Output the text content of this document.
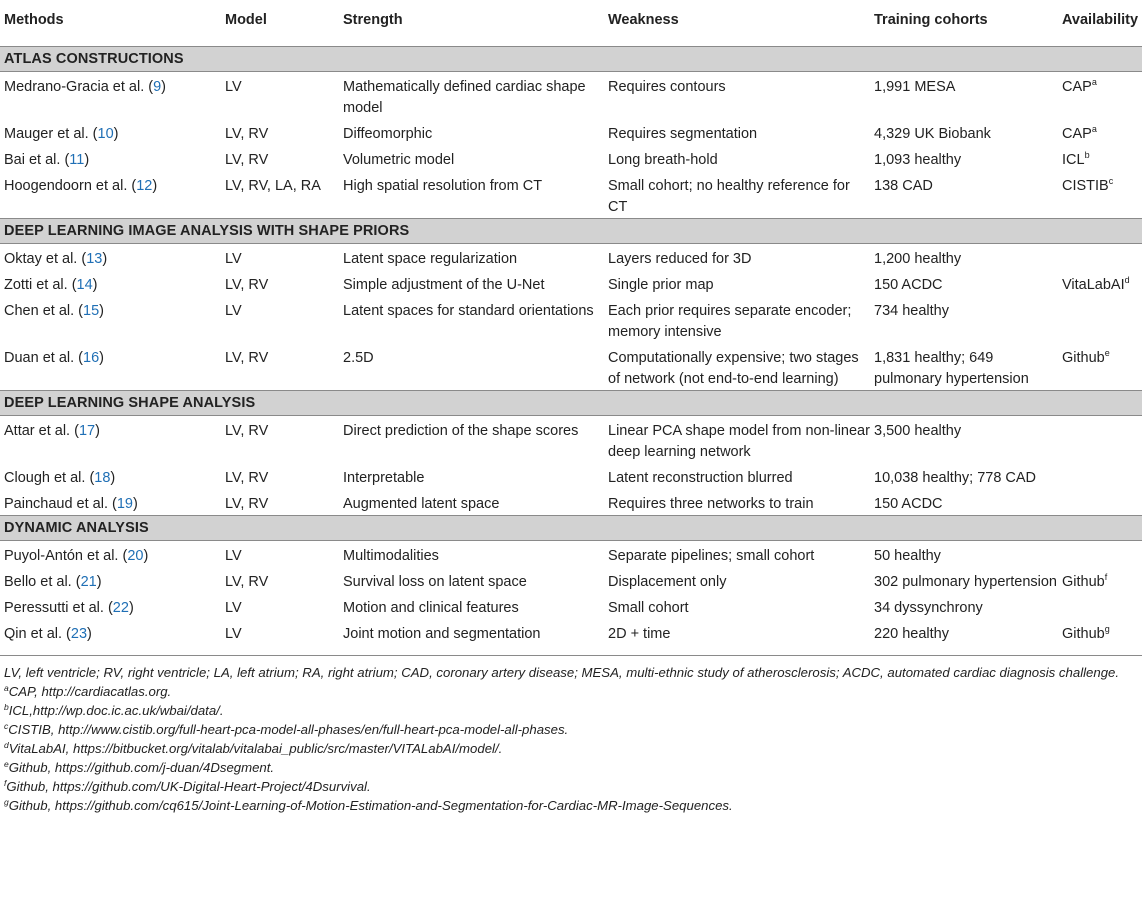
Methods	Model	Strength	Weakness	Training cohorts	Availability
ATLAS CONSTRUCTIONS					
Medrano-Gracia et al. (9)	LV	Mathematically defined cardiac shape model	Requires contours	1,991 MESA	CAP$^a$
Mauger et al. (10)	LV, RV	Diffeomorphic	Requires segmentation	4,329 UK Biobank	CAP$^a$
Bai et al. (11)	LV, RV	Volumetric model	Long breath-hold	1,093 healthy	ICL$^b$
Hoogendoorn et al. (12)	LV, RV, LA, RA	High spatial resolution from CT	Small cohort; no healthy reference for CT	138 CAD	CISTIB$^c$
DEEP LEARNING IMAGE ANALYSIS WITH SHAPE PRIORS					
Oktay et al. (13)	LV	Latent space regularization	Layers reduced for 3D	1,200 healthy	
Zotti et al. (14)	LV, RV	Simple adjustment of the U-Net	Single prior map	150 ACDC	VitaLabAI$^d$
Chen et al. (15)	LV	Latent spaces for standard orientations	Each prior requires separate encoder; memory intensive	734 healthy	
Duan et al. (16)	LV, RV	2.5D	Computationally expensive; two stages of network (not end-to-end learning)	1,831 healthy; 649 pulmonary hypertension	Github$^e$
DEEP LEARNING SHAPE ANALYSIS					
Attar et al. (17)	LV, RV	Direct prediction of the shape scores	Linear PCA shape model from non-linear deep learning network	3,500 healthy	
Clough et al. (18)	LV, RV	Interpretable	Latent reconstruction blurred	10,038 healthy; 778 CAD	
Painchaud et al. (19)	LV, RV	Augmented latent space	Requires three networks to train	150 ACDC	
DYNAMIC ANALYSIS					
Puyol-Antón et al. (20)	LV	Multimodalities	Separate pipelines; small cohort	50 healthy	
Bello et al. (21)	LV, RV	Survival loss on latent space	Displacement only	302 pulmonary hypertension	Github$^f$
Peressutti et al. (22)	LV	Motion and clinical features	Small cohort	34 dyssynchrony	
Qin et al. (23)	LV	Joint motion and segmentation	2D + time	220 healthy	Github$^g$
LV, left ventricle; RV, right ventricle; LA, left atrium; RA, right atrium; CAD, coronary artery disease; MESA, multi-ethnic study of atherosclerosis; ACDC, automated cardiac diagnosis challenge.
$^a$CAP, http://cardiacatlas.org.
$^b$ICL,http://wp.doc.ic.ac.uk/wbai/data/.
$^c$CISTIB, http://www.cistib.org/full-heart-pca-model-all-phases/en/full-heart-pca-model-all-phases.
$^d$VitaLabAI, https://bitbucket.org/vitalab/vitalabai_public/src/master/VITALabAI/model/.
$^e$Github, https://github.com/j-duan/4Dsegment.
$^f$Github, https://github.com/UK-Digital-Heart-Project/4Dsurvival.
$^g$Github, https://github.com/cq615/Joint-Learning-of-Motion-Estimation-and-Segmentation-for-Cardiac-MR-Image-Sequences.
